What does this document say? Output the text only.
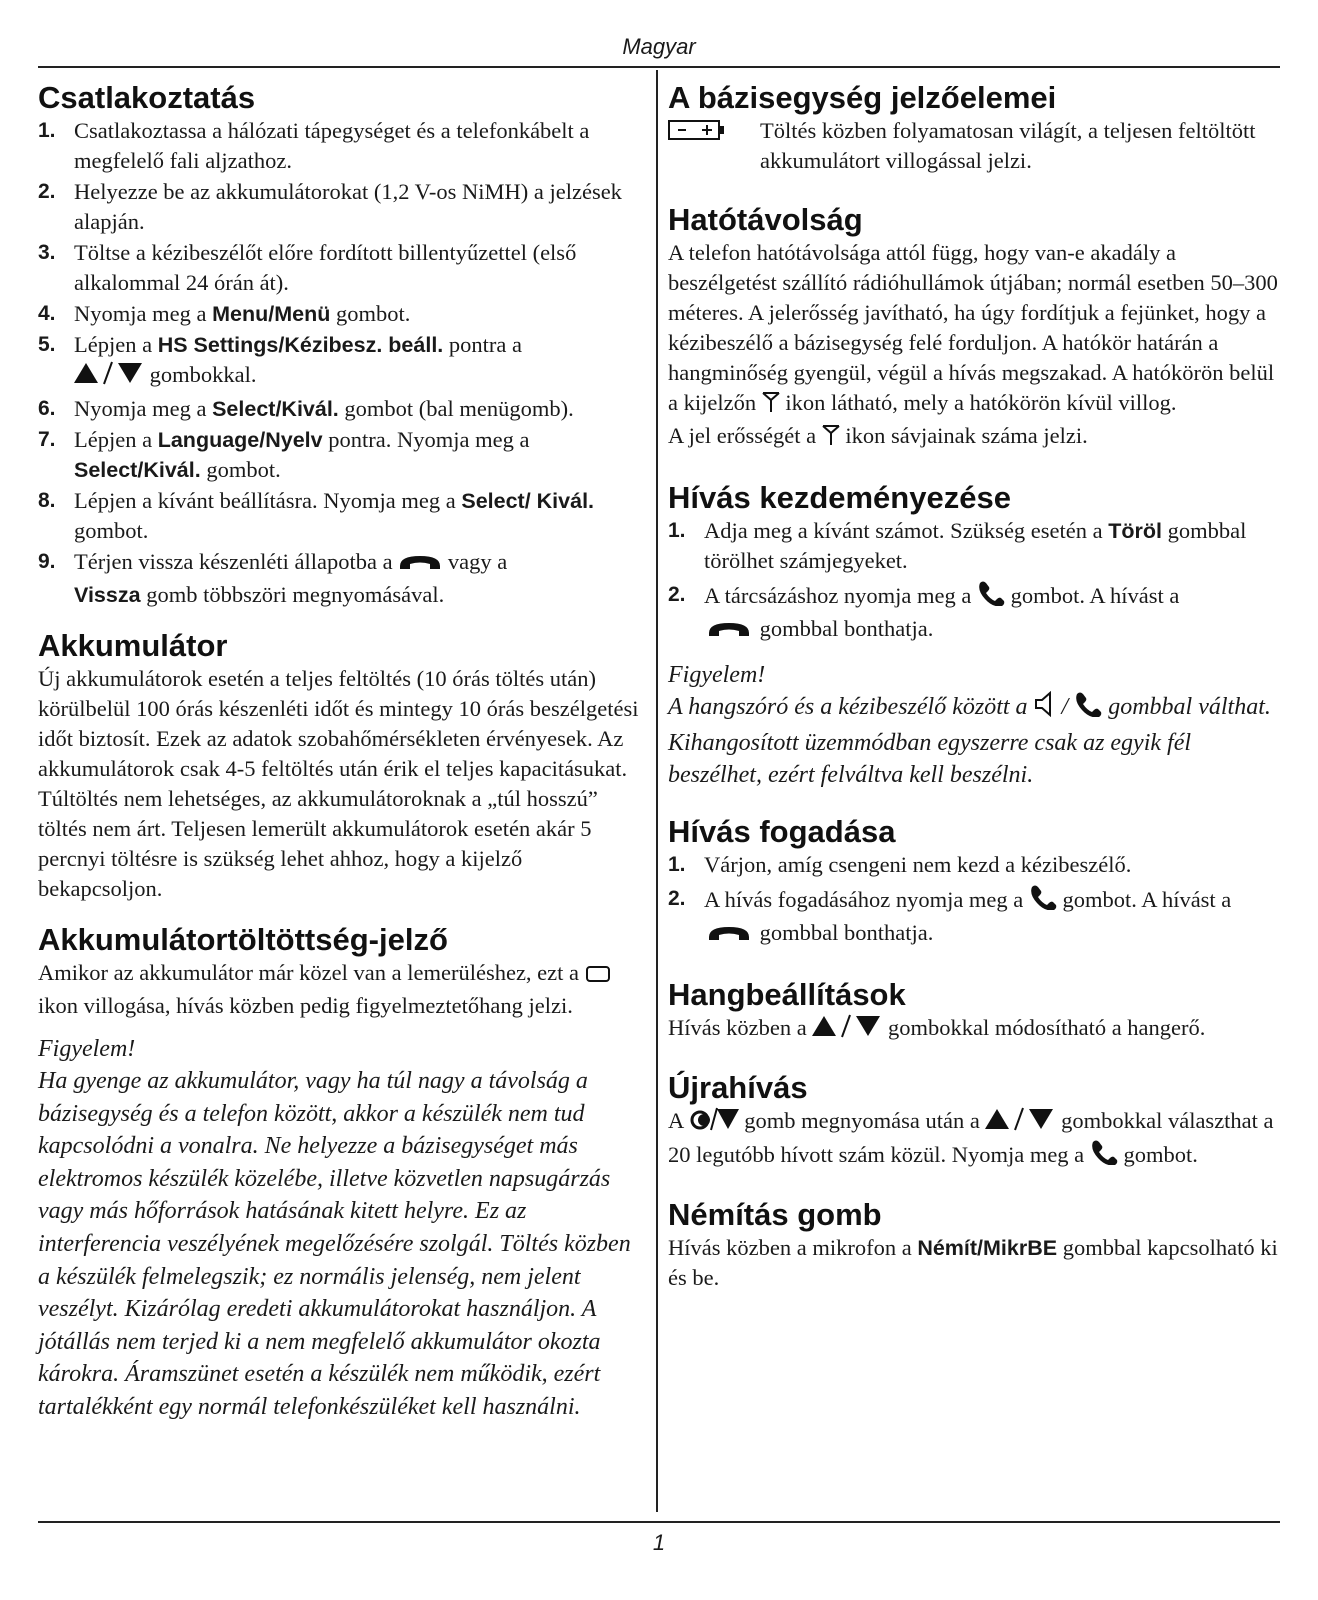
Magyar
Csatlakoztatás
1. Csatlakoztassa a hálózati tápegységet és a telefonkábelt a megfelelő fali aljzathoz.
2. Helyezze be az akkumulátorokat (1,2 V-os NiMH) a jelzések alapján.
3. Töltse a kézibeszélőt előre fordított billentyűzettel (első alkalommal 24 órán át).
4. Nyomja meg a Menu/Menü gombot.
5. Lépjen a HS Settings/Kézibesz. beáll. pontra a
gombokkal.
6. Nyomja meg a Select/Kivál. gombot (bal menügomb).
7. Lépjen a Language/Nyelv pontra. Nyomja meg a Select/Kivál. gombot.
8. Lépjen a kívánt beállításra. Nyomja meg a Select/ Kivál. gombot.
9. Térjen vissza készenléti állapotba a  vagy a
Vissza gomb többszöri megnyomásával.
Akkumulátor

Új akkumulátorok esetén a teljes feltöltés (10 órás töltés után) körülbelül 100 órás készenléti időt és mintegy 10 órás beszélgetési időt biztosít. Ezek az adatok szobahőmérsékleten érvényesek. Az akkumulátorok csak 4-5 feltöltés után érik el teljes kapacitásukat. Túltöltés nem lehetséges, az akkumulátoroknak a „túl hosszú” töltés nem árt. Teljesen lemerült akkumulátorok esetén akár 5 percnyi töltésre is szükség lehet ahhoz, hogy a kijelző bekapcsoljon.

Akkumulátortöltöttség-jelző

Amikor az akkumulátor már közel van a lemerüléshez, ezt a  ikon villogása, hívás közben pedig figyelmeztetőhang jelzi.

Figyelem!
Ha gyenge az akkumulátor, vagy ha túl nagy a távolság a bázisegység és a telefon között, akkor a készülék nem tud kapcsolódni a vonalra. Ne helyezze a bázisegységet más elektromos készülék közelébe, illetve közvetlen napsugárzás vagy más hőforrások hatásának kitett helyre. Ez az interferencia veszélyének megelőzésére szolgál. Töltés közben a készülék felmelegszik; ez normális jelenség, nem jelent veszélyt. Kizárólag eredeti akkumulátorokat használjon. A jótállás nem terjed ki a nem megfelelő akkumulátor okozta károkra. Áramszünet esetén a készülék nem működik, ezért tartalékként egy normál telefonkészüléket kell használni.
A bázisegység jelzőelemei

Töltés közben folyamatosan világít, a teljesen feltöltött akkumulátort villogással jelzi.

Hatótávolság

A telefon hatótávolsága attól függ, hogy van-e akadály a beszélgetést szállító rádióhullámok útjában; normál esetben 50–300 méteres. A jelerősség javítható, ha úgy fordítjuk a fejünket, hogy a kézibeszélő a bázisegység felé forduljon. A hatókör határán a hangminőség gyengül, végül a hívás megszakad. A hatókörön belül a kijelzőn  ikon látható, mely a hatókörön kívül villog.
A jel erősségét a  ikon sávjainak száma jelzi.

Hívás kezdeményezése
1. Adja meg a kívánt számot. Szükség esetén a Töröl gombbal törölhet számjegyeket.
2. A tárcsázáshoz nyomja meg a  gombot. A hívást a
gombbal bonthatja.
Figyelem!
A hangszóró és a kézibeszélő között a  /  gombbal válthat. Kihangosított üzemmódban egyszerre csak az egyik fél beszélhet, ezért felváltva kell beszélni.
Hívás fogadása
1. Várjon, amíg csengeni nem kezd a kézibeszélő.
2. A hívás fogadásához nyomja meg a  gombot. A hívást a  gombbal bonthatja.
Hangbeállítások

Hívás közben a	gombokkal módosítható a hangerő.

Újrahívás

A  gomb megnyomása után a	gombokkal választhat a 20 legutóbb hívott szám közül. Nyomja meg a  gombot.

Némítás gomb

Hívás közben a mikrofon a Némít/MikrBE gombbal kapcsolható ki és be.

1
